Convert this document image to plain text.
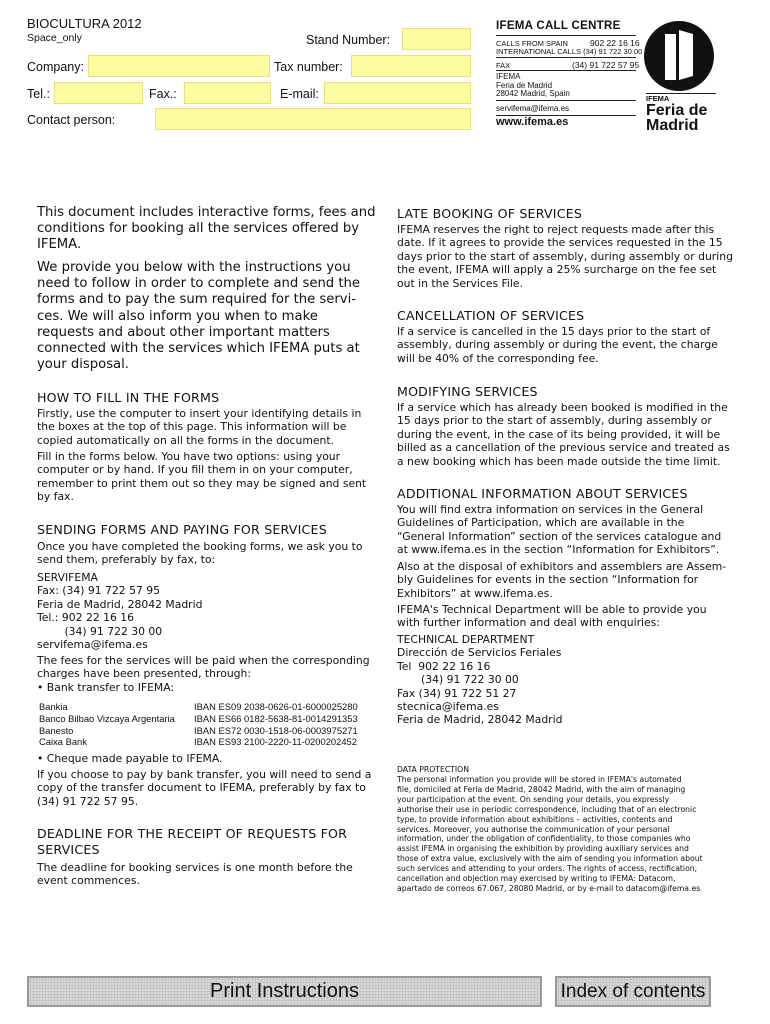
BIOCULTURA 2012
Space_only	Stand Number:
Company:	Tax number:
Tel.:	Fax.:	E-mail:
Contact person:
IFEMA CALL CENTRE
CALLS FROM SPAIN	902 22 16 16
INTERNATIONAL CALLS (34) 91 722 30 00
FAX	(34) 91 722 57 95
IFEMA
Feria de Madrid
28042 Madrid, Spain
servifema@ifema.es
www.ifema.es
IFEMA
Feria de
Madrid
This document includes interactive forms, fees and
conditions for booking all the services offered by
IFEMA.
We provide you below with the instructions you
need to follow in order to complete and send the
forms and to pay the sum required for the servi-
ces. We will also inform you when to make
requests and about other important matters
connected with the services which IFEMA puts at
your disposal.
HOW TO FILL IN THE FORMS
Firstly, use the computer to insert your identifying details in
the boxes at the top of this page. This information will be
copied automatically on all the forms in the document.
Fill in the forms below. You have two options: using your
computer or by hand. If you fill them in on your computer,
remember to print them out so they may be signed and sent
by fax.
SENDING FORMS AND PAYING FOR SERVICES
Once you have completed the booking forms, we ask you to
send them, preferably by fax, to:
SERVIFEMA
Fax: (34) 91 722 57 95
Feria de Madrid, 28042 Madrid
Tel.: 902 22 16 16
(34) 91 722 30 00
servifema@ifema.es
The fees for the services will be paid when the corresponding
charges have been presented, through:
• Bank transfer to IFEMA:
Bankia	IBAN ES09 2038-0626-01-6000025280
Banco Bilbao Vizcaya Argentaria IBAN ES66 0182-5638-81-0014291353
Banesto	IBAN ES72 0030-1518-06-0003975271
Caixa Bank	IBAN ES93 2100-2220-11-0200202452
• Cheque made payable to IFEMA.
If you choose to pay by bank transfer, you will need to send a
copy of the transfer document to IFEMA, preferably by fax to
(34) 91 722 57 95.
DEADLINE FOR THE RECEIPT OF REQUESTS FOR
SERVICES
The deadline for booking services is one month before the
event commences.
LATE BOOKING OF SERVICES
IFEMA reserves the right to reject requests made after this
date. If it agrees to provide the services requested in the 15
days prior to the start of assembly, during assembly or during
the event, IFEMA will apply a 25% surcharge on the fee set
out in the Services File.
CANCELLATION OF SERVICES
If a service is cancelled in the 15 days prior to the start of
assembly, during assembly or during the event, the charge
will be 40% of the corresponding fee.
MODIFYING SERVICES
If a service which has already been booked is modified in the
15 days prior to the start of assembly, during assembly or
during the event, in the case of its being provided, it will be
billed as a cancellation of the previous service and treated as
a new booking which has been made outside the time limit.
ADDITIONAL INFORMATION ABOUT SERVICES
You will find extra information on services in the General
Guidelines of Participation, which are available in the
“General Information” section of the services catalogue and
at www.ifema.es in the section “Information for Exhibitors”.
Also at the disposal of exhibitors and assemblers are Assem-
bly Guidelines for events in the section “Information for
Exhibitors” at www.ifema.es.
IFEMA's Technical Department will be able to provide you
with further information and deal with enquiries:
TECHNICAL DEPARTMENT
Dirección de Servicios Feriales
Tel  902 22 16 16
(34) 91 722 30 00
Fax (34) 91 722 51 27
stecnica@ifema.es
Feria de Madrid, 28042 Madrid
DATA PROTECTION
The personal information you provide will be stored in IFEMA's automated
file, domiciled at Feria de Madrid, 28042 Madrid, with the aim of managing
your participation at the event. On sending your details, you expressly
authorise their use in periodic correspondence, including that of an electronic
type, to provide information about exhibitions – activities, contents and
services. Moreover, you authorise the communication of your personal
information, under the obligation of confidentiality, to those companies who
assist IFEMA in organising the exhibition by providing auxiliary services and
those of extra value, exclusively with the aim of sending you information about
such services and attending to your orders. The rights of access, rectification,
cancellation and objection may exercised by writing to IFEMA: Datacom,
apartado de correos 67.067, 28080 Madrid, or by e-mail to datacom@ifema.es
Print Instructions	Index of contents
